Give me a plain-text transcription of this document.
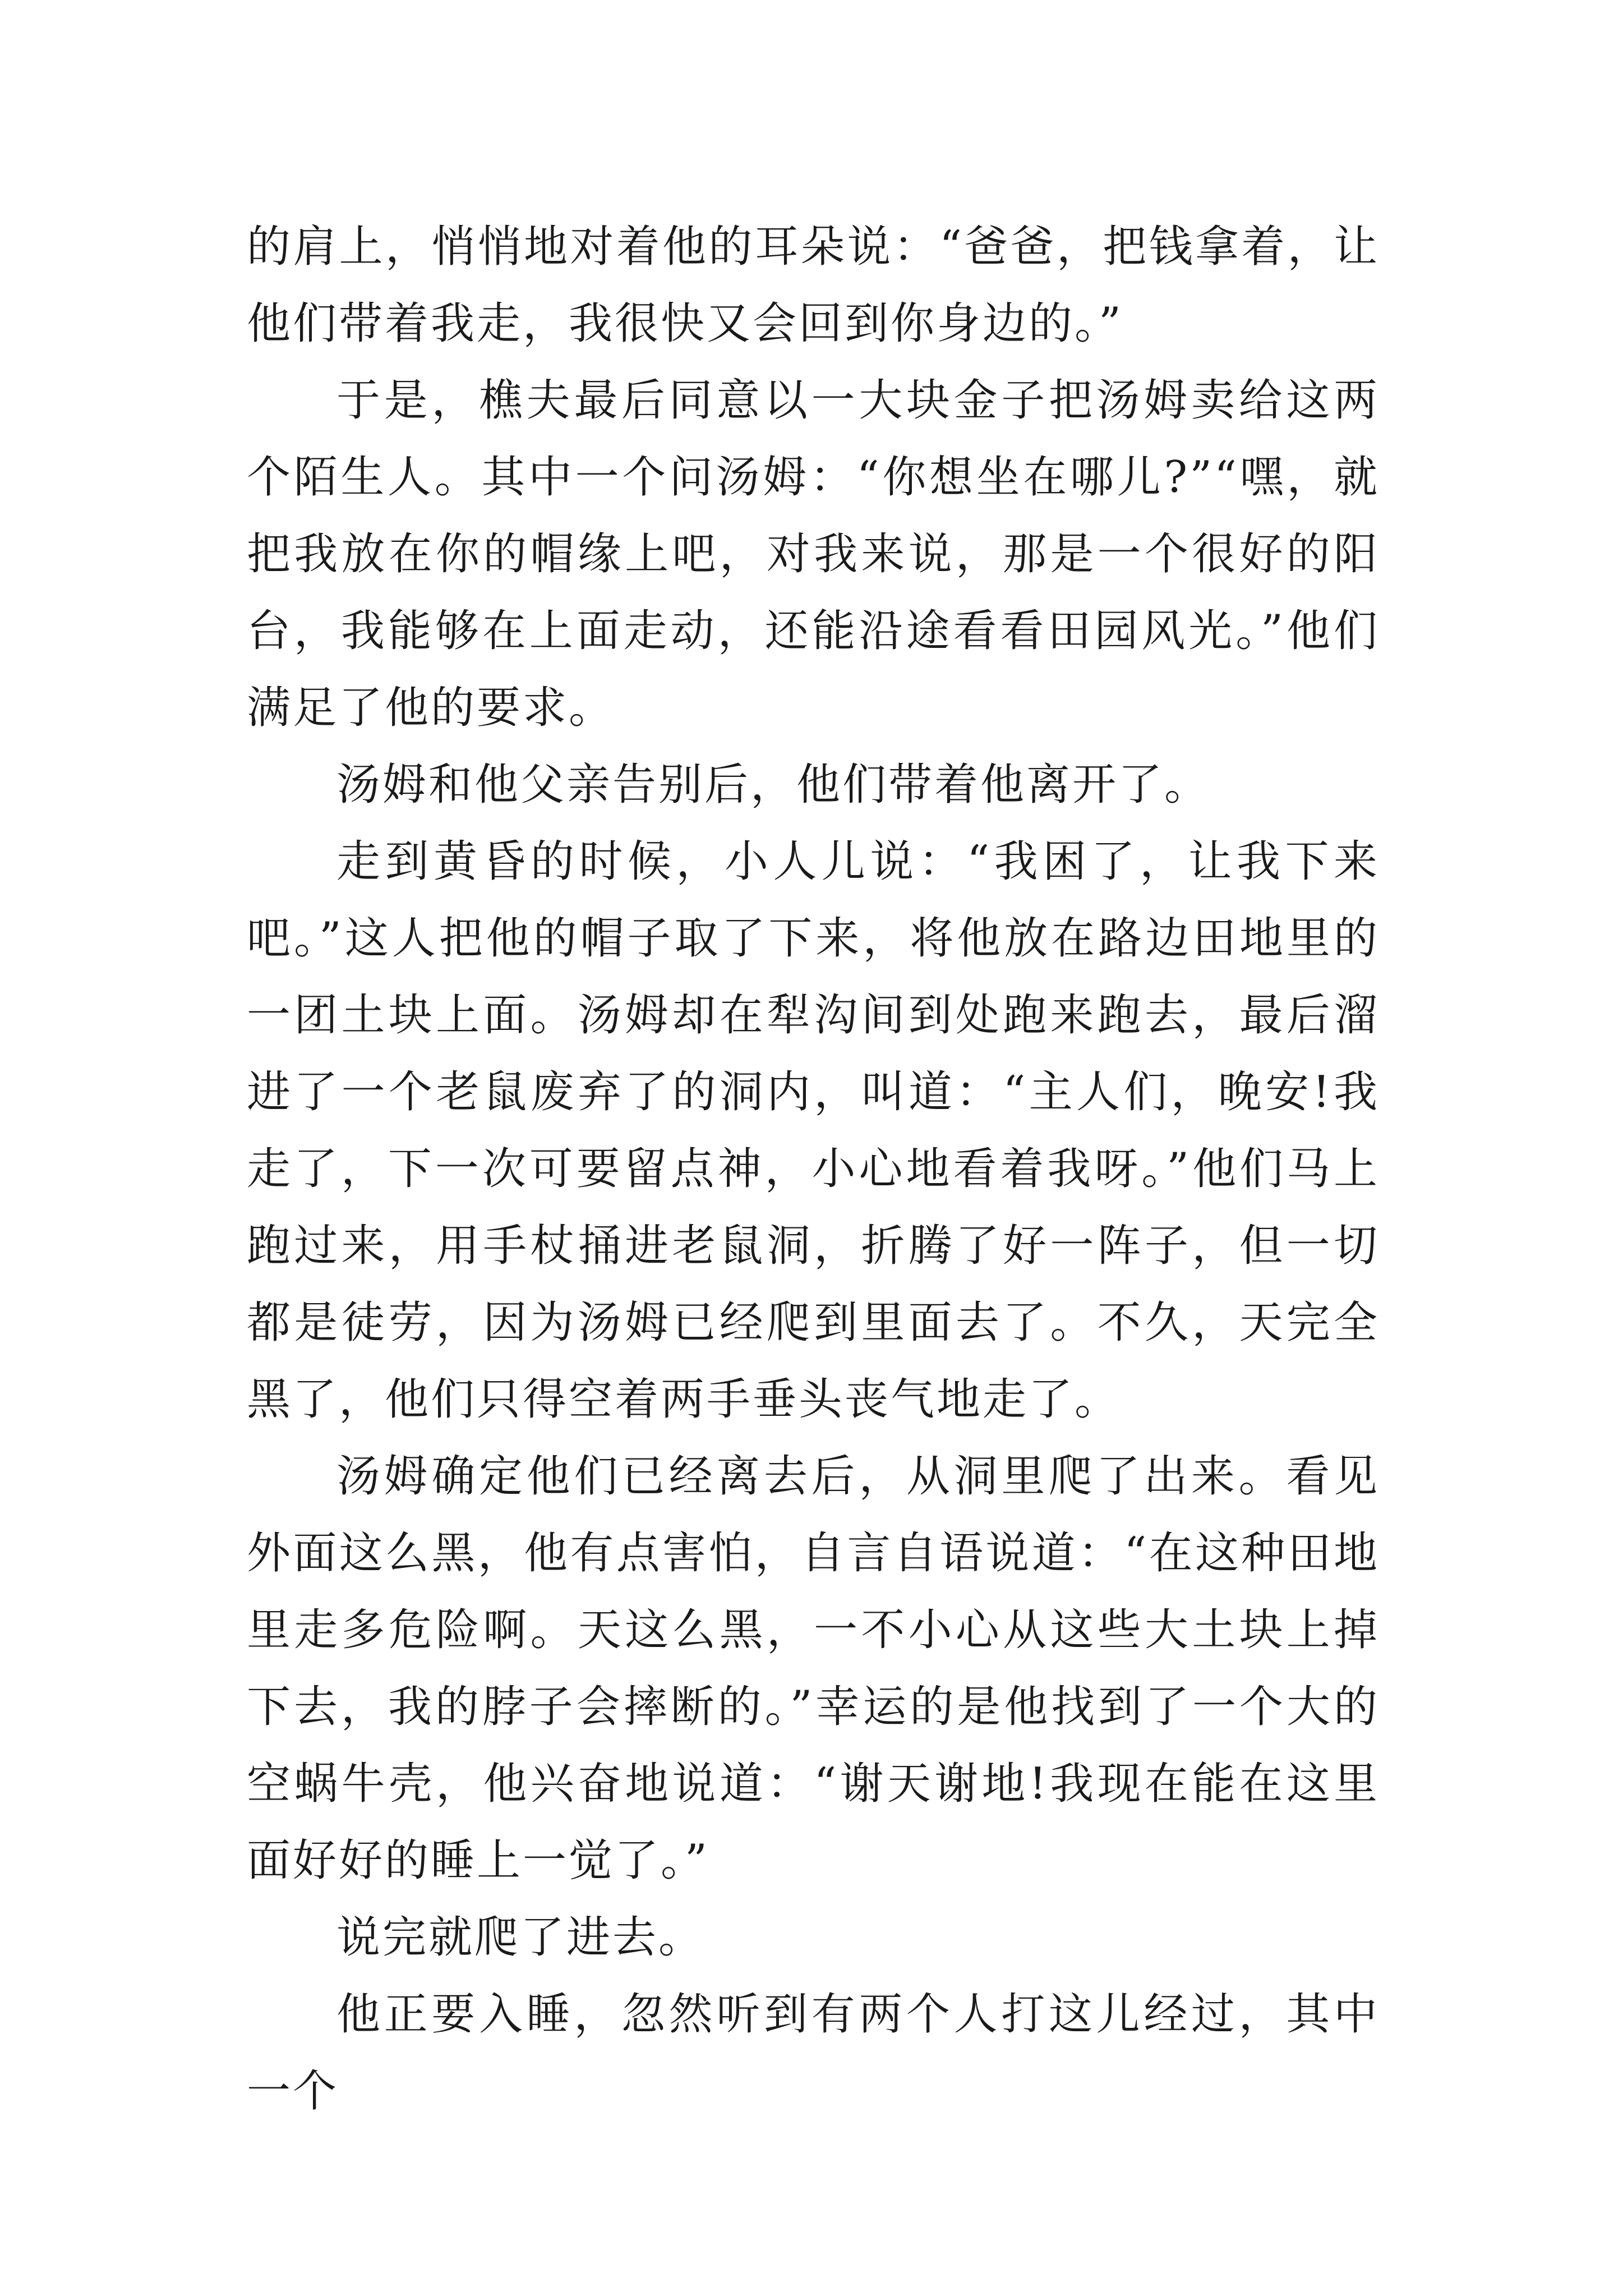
的肩上，悄悄地对着他的耳朵说：“爸爸，把钱拿着，让他们带着我走，我很快又会回到你身边的。”

于是，樵夫最后同意以一大块金子把汤姆卖给这两个陌生人。其中一个问汤姆：“你想坐在哪儿?”“嘿，就把我放在你的帽缘上吧，对我来说，那是一个很好的阳台，我能够在上面走动，还能沿途看看田园风光。”他们满足了他的要求。

汤姆和他父亲告别后，他们带着他离开了。

走到黄昏的时候，小人儿说：“我困了，让我下来吧。”这人把他的帽子取了下来，将他放在路边田地里的一团土块上面。汤姆却在犁沟间到处跑来跑去，最后溜进了一个老鼠废弃了的洞内，叫道：“主人们，晚安!我走了，下一次可要留点神，小心地看着我呀。”他们马上跑过来，用手杖捅进老鼠洞，折腾了好一阵子，但一切都是徒劳，因为汤姆已经爬到里面去了。不久，天完全黑了，他们只得空着两手垂头丧气地走了。

汤姆确定他们已经离去后，从洞里爬了出来。看见外面这么黑，他有点害怕，自言自语说道：“在这种田地里走多危险啊。天这么黑，一不小心从这些大土块上掉下去，我的脖子会摔断的。”幸运的是他找到了一个大的空蜗牛壳，他兴奋地说道：“谢天谢地!我现在能在这里面好好的睡上一觉了。”

说完就爬了进去。

他正要入睡，忽然听到有两个人打这儿经过，其中一个
